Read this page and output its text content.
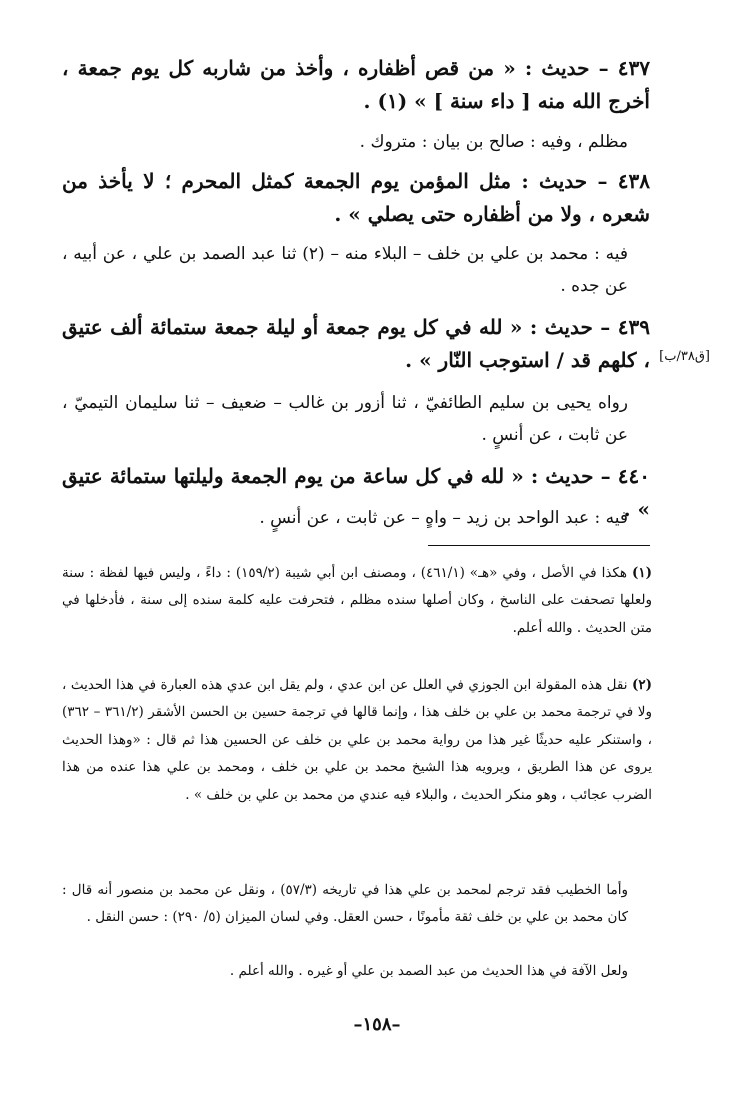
٤٣٧ – حديث : « من قص أظفاره ، وأخذ من شاربه كل يوم جمعة ، أخرج الله منه [ داء سنة ] » (١) .
مظلم ، وفيه : صالح بن بيان : متروك .
٤٣٨ – حديث : مثل المؤمن يوم الجمعة كمثل المحرم ؛ لا يأخذ من شعره ، ولا من أظفاره حتى يصلي » .
فيه : محمد بن علي بن خلف – البلاء منه – (٢) ثنا عبد الصمد بن علي ، عن أبيه ، عن جده .
٤٣٩ – حديث : « لله في كل يوم جمعة أو ليلة جمعة ستمائة ألف عتيق ، كلهم قد / استوجب النّار » . [ق٣٨/ب]
رواه يحيى بن سليم الطائفيّ ، ثنا أزور بن غالب – ضعيف – ثنا سليمان التيميّ ، عن ثابت ، عن أنسٍ .
٤٤٠ – حديث : « لله في كل ساعة من يوم الجمعة وليلتها ستمائة عتيق » .
فيه : عبد الواحد بن زيد – واهٍ – عن ثابت ، عن أنسٍ .
(١) هكذا في الأصل ، وفي «هـ» (٤٦١/١) ، ومصنف ابن أبي شيبة (١٥٩/٢) : داءً ، وليس فيها لفظة : سنة ولعلها تصحفت على الناسخ ، وكان أصلها سنده مظلم ، فتحرفت عليه كلمة سنده إلى سنة ، فأدخلها في متن الحديث . والله أعلم.
(٢) نقل هذه المقولة ابن الجوزي في العلل عن ابن عدي ، ولم يقل ابن عدي هذه العبارة في هذا الحديث ، ولا في ترجمة محمد بن علي بن خلف هذا ، وإنما قالها في ترجمة حسين بن الحسن الأشقر (٣٦١/٢ – ٣٦٢) ، واستنكر عليه حديثًا غير هذا من رواية محمد بن علي بن خلف عن الحسين هذا ثم قال : «وهذا الحديث يروى عن هذا الطريق ، ويرويه هذا الشيخ محمد بن علي بن خلف ، ومحمد بن علي هذا عنده من هذا الضرب عجائب ، وهو منكر الحديث ، والبلاء فيه عندي من محمد بن علي بن خلف » .
وأما الخطيب فقد ترجم لمحمد بن علي هذا في تاريخه (٥٧/٣) ، ونقل عن محمد بن منصور أنه قال : كان محمد بن علي بن خلف ثقة مأمونًا ، حسن العقل. وفي لسان الميزان (٥/ ٢٩٠) : حسن النقل .
ولعل الآفة في هذا الحديث من عبد الصمد بن علي أو غيره . والله أعلم .
–١٥٨–
